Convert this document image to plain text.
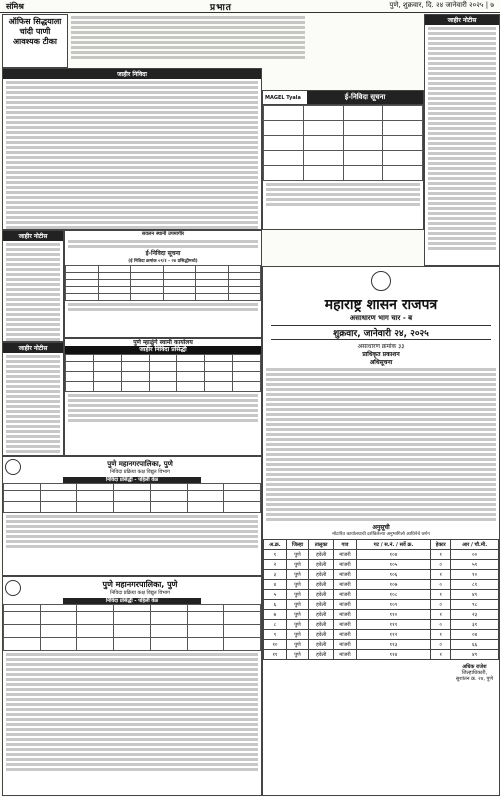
संमिश्र	प्रभात	पुणे, शुक्रवार, दि. २४ जानेवारी २०२५ | ७
ऑफिस सिद्धयाला
चांदी पाणी
आवश्यक टीका
जाहीर निविदा
MAGEL Tyala	ई-निविदा सूचना

जाहीर नोटीस
जाहीर नोटीस
जाहीर नोटीस
सवलन स्थानी उपमागीर
ई-निविदा सूचना
(ई निविदा क्रमांक ०९/१ - २४ प्रसिद्धीमध्ये)

पुणे म्हाळुंगे स्वामी कार्यालय
जाहीर निविदा प्रसिद्धी

पुणे महानगरपालिका, पुणे
निविदा प्रक्रिया कक्ष विद्युत विभाग
निविदा प्रसिद्धी - पहिली वेळ

पुणे महानगरपालिका, पुणे
निविदा प्रक्रिया कक्ष विद्युत विभाग
निविदा प्रसिद्धी - पहिली वेळ

महाराष्ट्र शासन राजपत्र
असाधारण भाग चार - ब
शुक्रवार, जानेवारी २४, २०२५
असाधारण क्रमांक ३३
प्राधिकृत प्रकाशन
अधिसूचना
अनुसूची
मोटारित कार्यालयाची दर्शविलेल्या अनुभागिलो आधिनेचे वर्णन
अ.क्र.	जिल्हा	तालुका	गाव	गट / स.नं. / सर्वे क्र.	हेक्टर	आर / चौ.मी.
१	पुणे	हवेली	मांजरी	१०४	१	००
२	पुणे	हवेली	मांजरी	१०५	०	५१
३	पुणे	हवेली	मांजरी	१०६	१	१०
४	पुणे	हवेली	मांजरी	१०७	०	८१
५	पुणे	हवेली	मांजरी	१०८	१	४१
६	पुणे	हवेली	मांजरी	१०९	०	९८
७	पुणे	हवेली	मांजरी	११०	१	२३
८	पुणे	हवेली	मांजरी	१११	०	३१
९	पुणे	हवेली	मांजरी	११२	१	०४
१०	पुणे	हवेली	मांजरी	११३	०	६६
११	पुणे	हवेली	मांजरी	११४	१	४९
अधिक राजेश
जिल्हाधिकारी,
सुशांतन क्र. २४, पुणे
